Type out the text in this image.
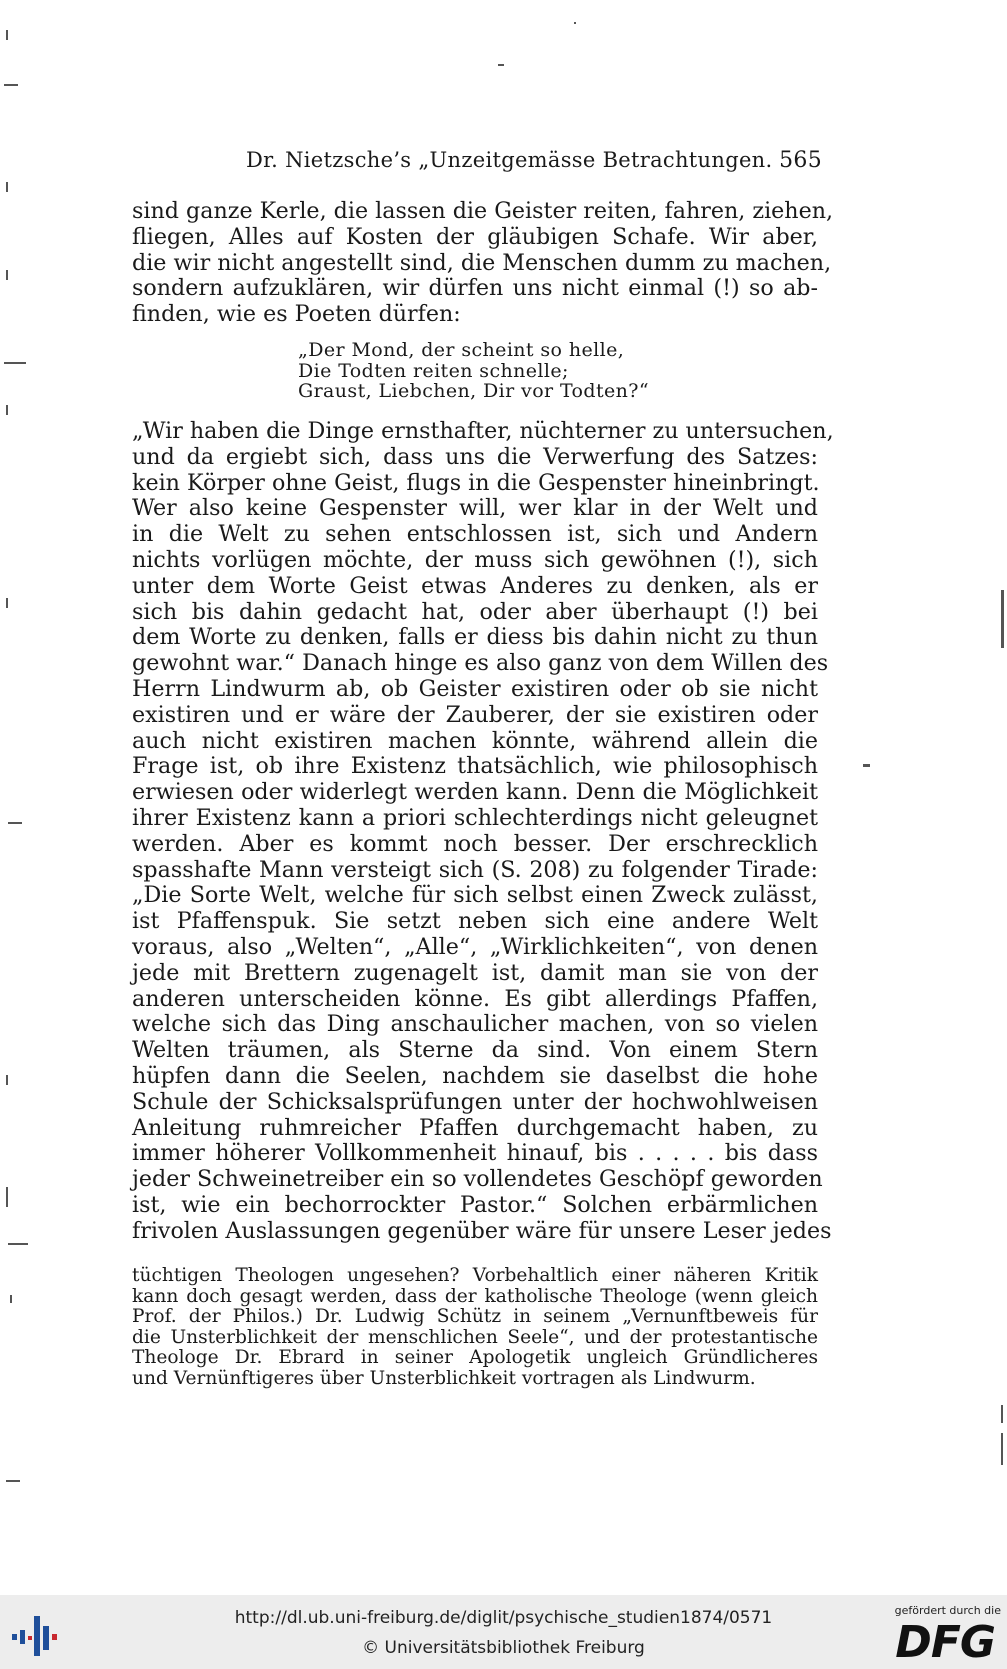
Dr. Nietzsche’s „Unzeitgemässe Betrachtungen. 565
sind ganze Kerle, die lassen die Geister reiten, fahren, ziehen,
fliegen, Alles auf Kosten der gläubigen Schafe. Wir aber,
die wir nicht angestellt sind, die Menschen dumm zu machen,
sondern aufzuklären, wir dürfen uns nicht einmal (!) so ab-
finden, wie es Poeten dürfen:
„Der Mond, der scheint so helle,
Die Todten reiten schnelle;
Graust, Liebchen, Dir vor Todten?“
„Wir haben die Dinge ernsthafter, nüchterner zu untersuchen,
und da ergiebt sich, dass uns die Verwerfung des Satzes:
kein Körper ohne Geist, flugs in die Gespenster hineinbringt.
Wer also keine Gespenster will, wer klar in der Welt und
in die Welt zu sehen entschlossen ist, sich und Andern
nichts vorlügen möchte, der muss sich gewöhnen (!), sich
unter dem Worte Geist etwas Anderes zu denken, als er
sich bis dahin gedacht hat, oder aber überhaupt (!) bei
dem Worte zu denken, falls er diess bis dahin nicht zu thun
gewohnt war.“ Danach hinge es also ganz von dem Willen des
Herrn Lindwurm ab, ob Geister existiren oder ob sie nicht
existiren und er wäre der Zauberer, der sie existiren oder
auch nicht existiren machen könnte, während allein die
Frage ist, ob ihre Existenz thatsächlich, wie philosophisch
erwiesen oder widerlegt werden kann. Denn die Möglichkeit
ihrer Existenz kann a priori schlechterdings nicht geleugnet
werden. Aber es kommt noch besser. Der erschrecklich
spasshafte Mann versteigt sich (S. 208) zu folgender Tirade:
„Die Sorte Welt, welche für sich selbst einen Zweck zulässt,
ist Pfaffenspuk. Sie setzt neben sich eine andere Welt
voraus, also „Welten“, „Alle“, „Wirklichkeiten“, von denen
jede mit Brettern zugenagelt ist, damit man sie von der
anderen unterscheiden könne. Es gibt allerdings Pfaffen,
welche sich das Ding anschaulicher machen, von so vielen
Welten träumen, als Sterne da sind. Von einem Stern
hüpfen dann die Seelen, nachdem sie daselbst die hohe
Schule der Schicksalsprüfungen unter der hochwohlweisen
Anleitung ruhmreicher Pfaffen durchgemacht haben, zu
immer höherer Vollkommenheit hinauf, bis . . . . . bis dass
jeder Schweinetreiber ein so vollendetes Geschöpf geworden
ist, wie ein bechorrockter Pastor.“ Solchen erbärmlichen
frivolen Auslassungen gegenüber wäre für unsere Leser jedes
tüchtigen Theologen ungesehen? Vorbehaltlich einer näheren Kritik
kann doch gesagt werden, dass der katholische Theologe (wenn gleich
Prof. der Philos.) Dr. Ludwig Schütz in seinem „Vernunftbeweis für
die Unsterblichkeit der menschlichen Seele“, und der protestantische
Theologe Dr. Ebrard in seiner Apologetik ungleich Gründlicheres
und Vernünftigeres über Unsterblichkeit vortragen als Lindwurm.
http://dl.ub.uni-freiburg.de/diglit/psychische_studien1874/0571
© Universitätsbibliothek Freiburg
gefördert durch die
DFG
